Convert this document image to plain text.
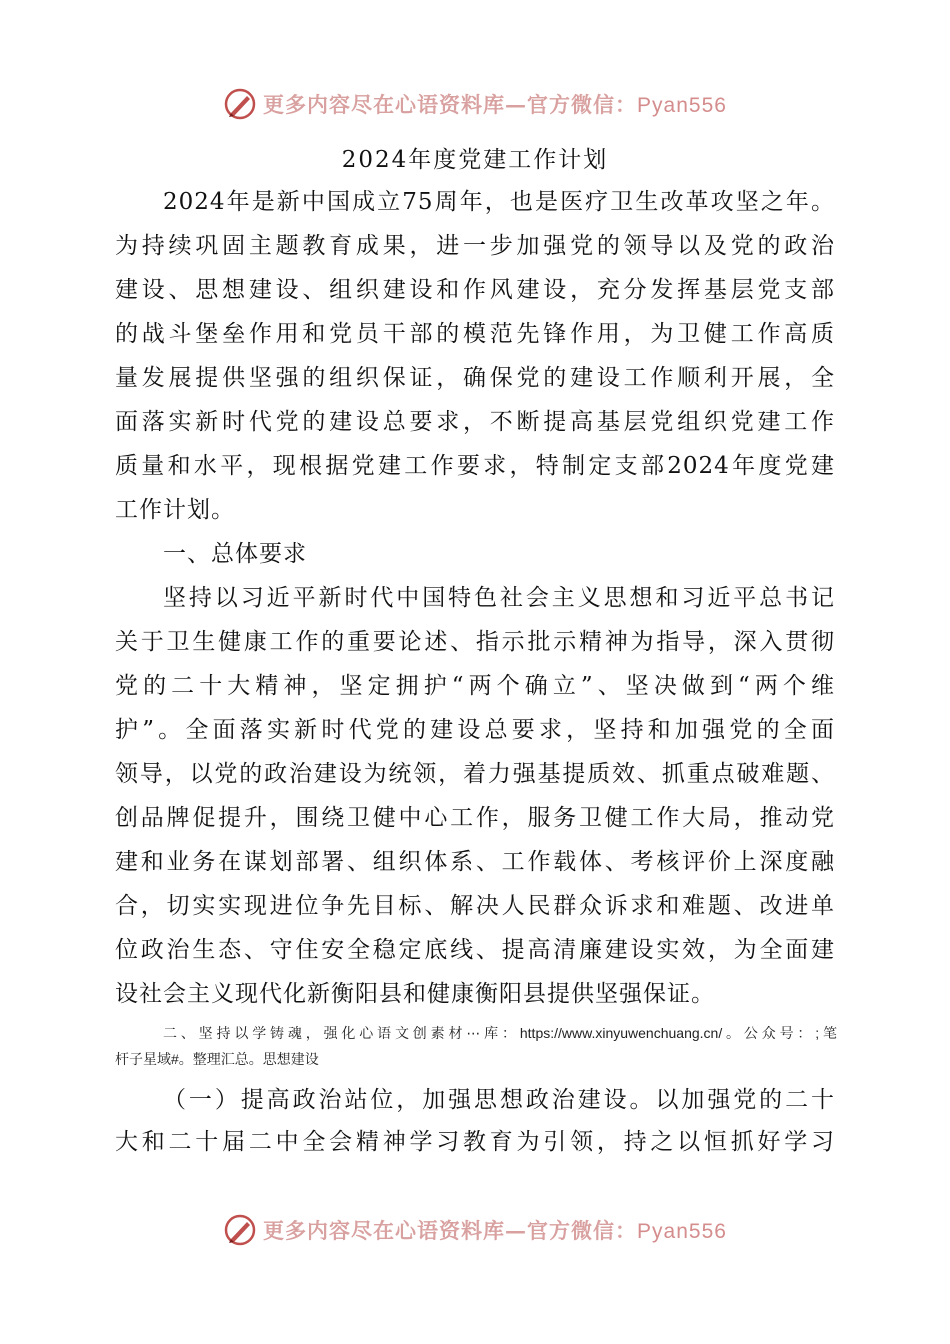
更多内容尽在心语资料库—官方微信：Pyan556
2024年度党建工作计划
2024年是新中国成立75周年，也是医疗卫生改革攻坚之年。
为持续巩固主题教育成果，进一步加强党的领导以及党的政治
建设、思想建设、组织建设和作风建设，充分发挥基层党支部
的战斗堡垒作用和党员干部的模范先锋作用，为卫健工作高质
量发展提供坚强的组织保证，确保党的建设工作顺利开展，全
面落实新时代党的建设总要求，不断提高基层党组织党建工作
质量和水平，现根据党建工作要求，特制定支部2024年度党建
工作计划。
一、总体要求
坚持以习近平新时代中国特色社会主义思想和习近平总书记
关于卫生健康工作的重要论述、指示批示精神为指导，深入贯彻
党的二十大精神，坚定拥护“两个确立”、坚决做到“两个维
护”。全面落实新时代党的建设总要求，坚持和加强党的全面
领导，以党的政治建设为统领，着力强基提质效、抓重点破难题、
创品牌促提升，围绕卫健中心工作，服务卫健工作大局，推动党
建和业务在谋划部署、组织体系、工作载体、考核评价上深度融
合，切实实现进位争先目标、解决人民群众诉求和难题、改进单
位政治生态、守住安全稳定底线、提高清廉建设实效，为全面建
设社会主义现代化新衡阳县和健康衡阳县提供坚强保证。
二、坚持以学铸魂，强化心语文创素材⋯库：https://www.xinyuwenchuang.cn/。公众号：;笔
杆子星域#。整理汇总。思想建设
（一）提高政治站位，加强思想政治建设。以加强党的二十
大和二十届二中全会精神学习教育为引领，持之以恒抓好学习
更多内容尽在心语资料库—官方微信：Pyan556
